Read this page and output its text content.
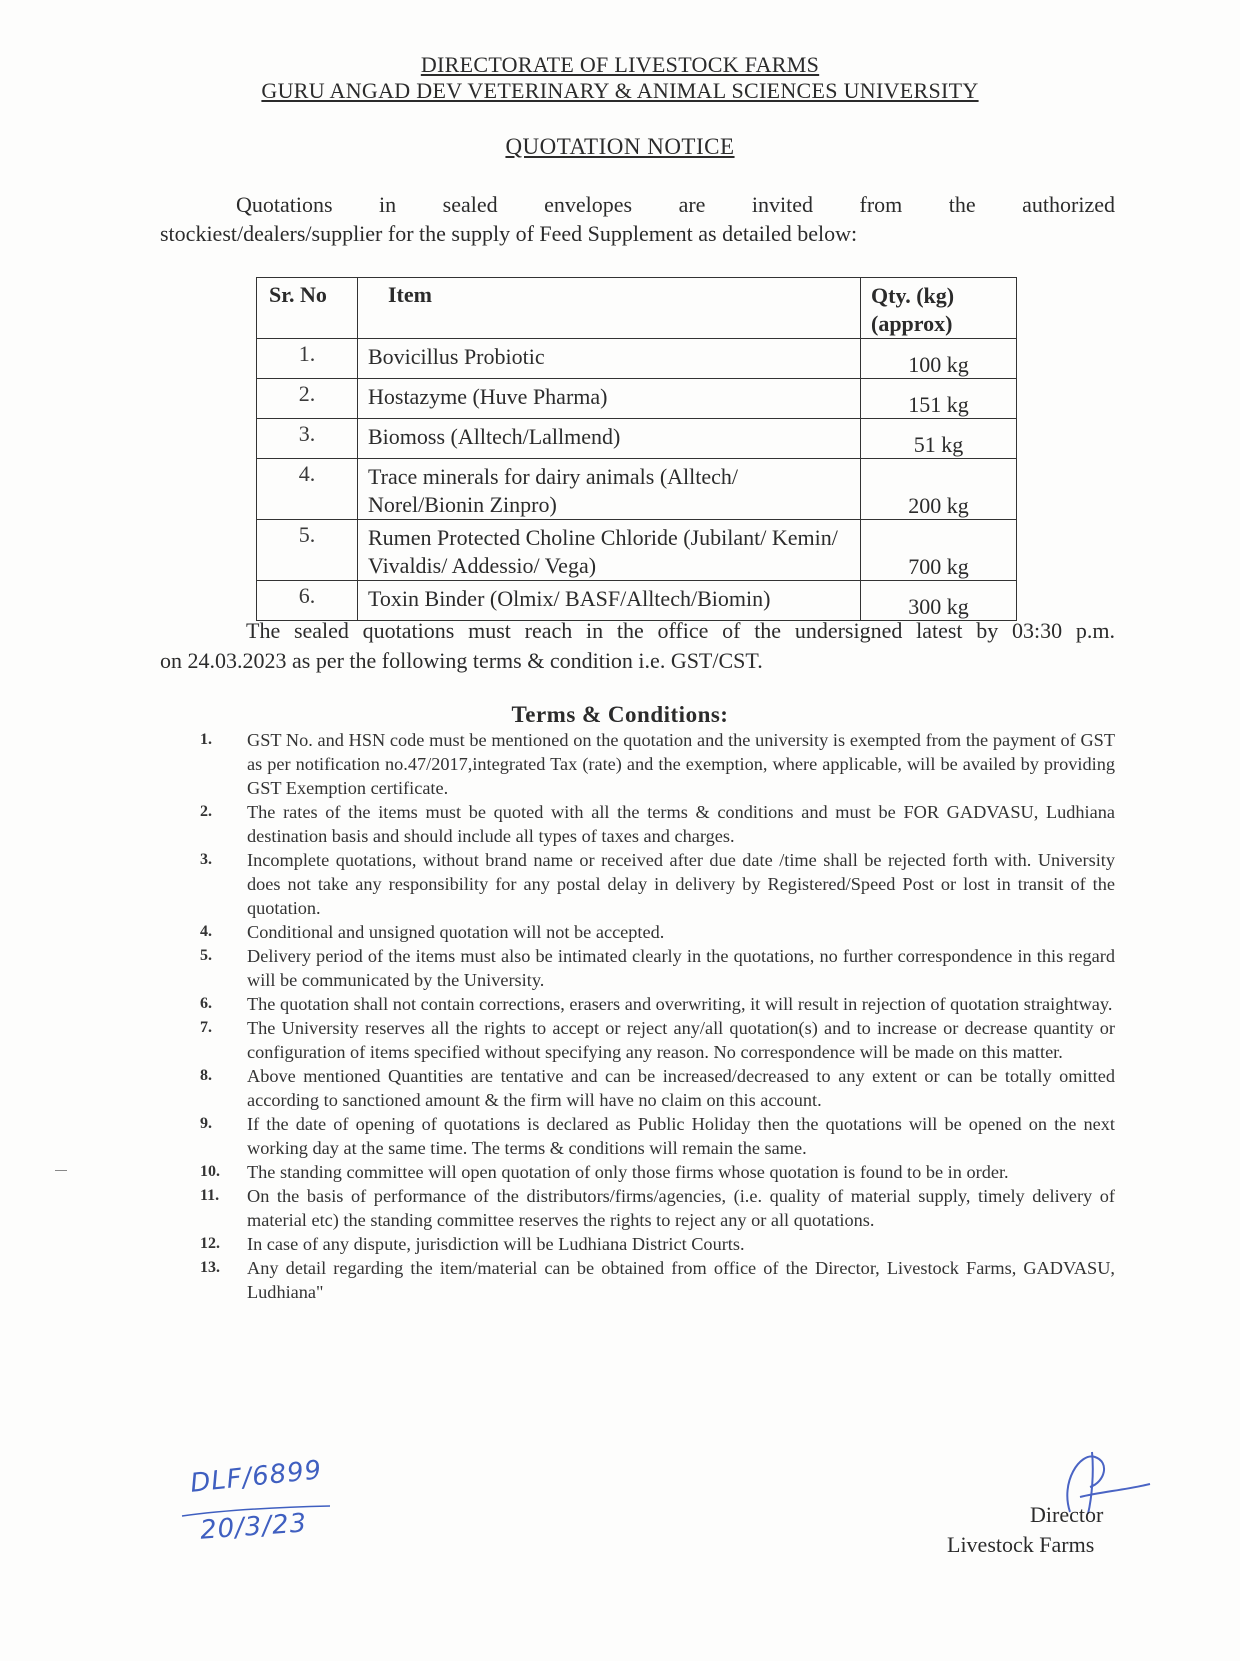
DIRECTORATE OF LIVESTOCK FARMS
GURU ANGAD DEV VETERINARY & ANIMAL SCIENCES UNIVERSITY
QUOTATION NOTICE
Quotations in sealed envelopes are invited from the authorized
stockiest/dealers/supplier for the supply of Feed Supplement as detailed below:
Sr. No	Item	Qty. (kg)
(approx)
1.	Bovicillus Probiotic	100 kg
2.	Hostazyme (Huve Pharma)	151 kg
3.	Biomoss (Alltech/Lallmend)	51 kg
4.	Trace minerals for dairy animals (Alltech/ Norel/Bionin Zinpro)	200 kg
5.	Rumen Protected Choline Chloride (Jubilant/ Kemin/ Vivaldis/ Addessio/ Vega)	700 kg
6.	Toxin Binder (Olmix/ BASF/Alltech/Biomin)	300 kg
The sealed quotations must reach in the office of the undersigned latest by 03:30 p.m.
on 24.03.2023 as per the following terms & condition i.e. GST/CST.
Terms & Conditions:
1.	GST No. and HSN code must be mentioned on the quotation and the university is exempted from the payment of GST as per notification no.47/2017,integrated Tax (rate) and the exemption, where applicable, will be availed by providing GST Exemption certificate.
2.	The rates of the items must be quoted with all the terms & conditions and must be FOR GADVASU, Ludhiana destination basis and should include all types of taxes and charges.
3.	Incomplete quotations, without brand name or received after due date /time shall be rejected forth with. University does not take any responsibility for any postal delay in delivery by Registered/Speed Post or lost in transit of the quotation.
4.	Conditional and unsigned quotation will not be accepted.
5.	Delivery period of the items must also be intimated clearly in the quotations, no further correspondence in this regard will be communicated by the University.
6.	The quotation shall not contain corrections, erasers and overwriting, it will result in rejection of quotation straightway.
7.	The University reserves all the rights to accept or reject any/all quotation(s) and to increase or decrease quantity or configuration of items specified without specifying any reason. No correspondence will be made on this matter.
8.	Above mentioned Quantities are tentative and can be increased/decreased to any extent or can be totally omitted according to sanctioned amount & the firm will have no claim on this account.
9.	If the date of opening of quotations is declared as Public Holiday then the quotations will be opened on the next working day at the same time. The terms & conditions will remain the same.
10.	The standing committee will open quotation of only those firms whose quotation is found to be in order.
11.	On the basis of performance of the distributors/firms/agencies, (i.e. quality of material supply, timely delivery of material etc) the standing committee reserves the rights to reject any or all quotations.
12.	In case of any dispute, jurisdiction will be Ludhiana District Courts.
13.	Any detail regarding the item/material can be obtained from office of the Director, Livestock Farms, GADVASU, Ludhiana"
DLF/6899
20/3/23	Director
Livestock Farms
